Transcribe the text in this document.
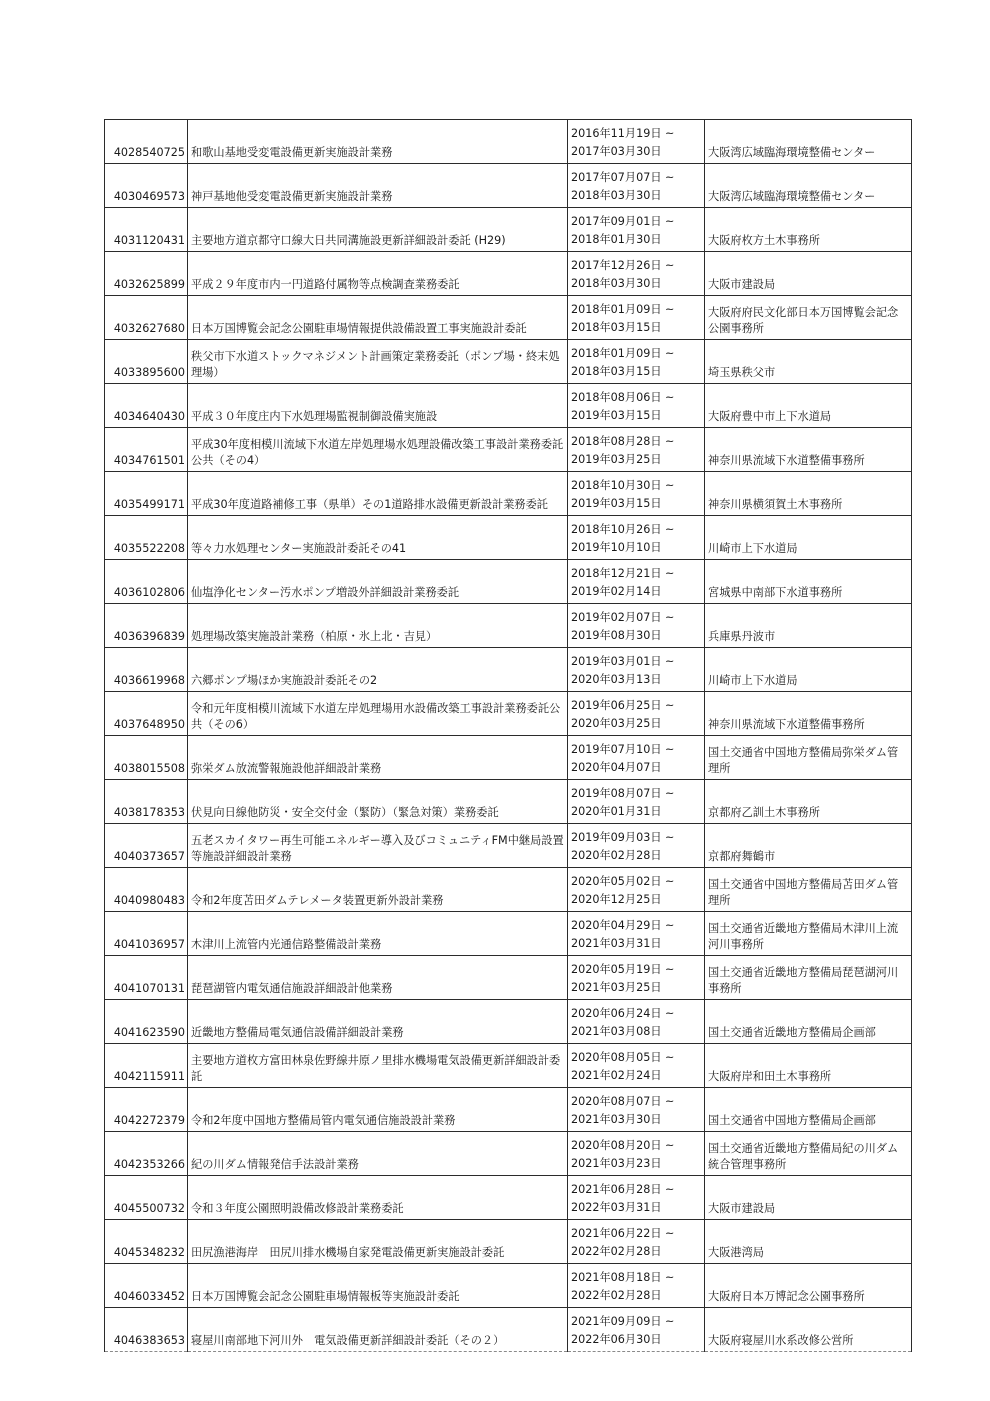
4028540725	和歌山基地受変電設備更新実施設計業務	2016年11月19日 ~
2017年03月30日	大阪湾広域臨海環境整備センター
4030469573	神戸基地他受変電設備更新実施設計業務	2017年07月07日 ~
2018年03月30日	大阪湾広域臨海環境整備センター
4031120431	主要地方道京都守口線大日共同溝施設更新詳細設計委託 (H29)	2017年09月01日 ~
2018年01月30日	大阪府枚方土木事務所
4032625899	平成２９年度市内一円道路付属物等点検調査業務委託	2017年12月26日 ~
2018年03月30日	大阪市建設局
4032627680	日本万国博覧会記念公園駐車場情報提供設備設置工事実施設計委託	2018年01月09日 ~
2018年03月15日	大阪府府民文化部日本万国博覧会記念公園事務所
4033895600	秩父市下水道ストックマネジメント計画策定業務委託（ポンプ場・終末処理場）	2018年01月09日 ~
2018年03月15日	埼玉県秩父市
4034640430	平成３０年度庄内下水処理場監視制御設備実施設	2018年08月06日 ~
2019年03月15日	大阪府豊中市上下水道局
4034761501	平成30年度相模川流域下水道左岸処理場水処理設備改築工事設計業務委託 公共（その4）	2018年08月28日 ~
2019年03月25日	神奈川県流域下水道整備事務所
4035499171	平成30年度道路補修工事（県単）その1道路排水設備更新設計業務委託	2018年10月30日 ~
2019年03月15日	神奈川県横須賀土木事務所
4035522208	等々力水処理センター実施設計委託その41	2018年10月26日 ~
2019年10月10日	川崎市上下水道局
4036102806	仙塩浄化センター汚水ポンプ増設外詳細設計業務委託	2018年12月21日 ~
2019年02月14日	宮城県中南部下水道事務所
4036396839	処理場改築実施設計業務（柏原・氷上北・吉見）	2019年02月07日 ~
2019年08月30日	兵庫県丹波市
4036619968	六郷ポンプ場ほか実施設計委託その2	2019年03月01日 ~
2020年03月13日	川崎市上下水道局
4037648950	令和元年度相模川流域下水道左岸処理場用水設備改築工事設計業務委託公共（その6）	2019年06月25日 ~
2020年03月25日	神奈川県流域下水道整備事務所
4038015508	弥栄ダム放流警報施設他詳細設計業務	2019年07月10日 ~
2020年04月07日	国土交通省中国地方整備局弥栄ダム管理所
4038178353	伏見向日線他防災・安全交付金（緊防）（緊急対策）業務委託	2019年08月07日 ~
2020年01月31日	京都府乙訓土木事務所
4040373657	五老スカイタワー再生可能エネルギー導入及びコミュニティFM中継局設置等施設詳細設計業務	2019年09月03日 ~
2020年02月28日	京都府舞鶴市
4040980483	令和2年度苫田ダムテレメータ装置更新外設計業務	2020年05月02日 ~
2020年12月25日	国土交通省中国地方整備局苫田ダム管理所
4041036957	木津川上流管内光通信路整備設計業務	2020年04月29日 ~
2021年03月31日	国土交通省近畿地方整備局木津川上流河川事務所
4041070131	琵琶湖管内電気通信施設詳細設計他業務	2020年05月19日 ~
2021年03月25日	国土交通省近畿地方整備局琵琶湖河川事務所
4041623590	近畿地方整備局電気通信設備詳細設計業務	2020年06月24日 ~
2021年03月08日	国土交通省近畿地方整備局企画部
4042115911	主要地方道枚方富田林泉佐野線井原ノ里排水機場電気設備更新詳細設計委託	2020年08月05日 ~
2021年02月24日	大阪府岸和田土木事務所
4042272379	令和2年度中国地方整備局管内電気通信施設設計業務	2020年08月07日 ~
2021年03月30日	国土交通省中国地方整備局企画部
4042353266	紀の川ダム情報発信手法設計業務	2020年08月20日 ~
2021年03月23日	国土交通省近畿地方整備局紀の川ダム統合管理事務所
4045500732	令和３年度公園照明設備改修設計業務委託	2021年06月28日 ~
2022年03月31日	大阪市建設局
4045348232	田尻漁港海岸　田尻川排水機場自家発電設備更新実施設計委託	2021年06月22日 ~
2022年02月28日	大阪港湾局
4046033452	日本万国博覧会記念公園駐車場情報板等実施設計委託	2021年08月18日 ~
2022年02月28日	大阪府日本万博記念公園事務所
4046383653	寝屋川南部地下河川外　電気設備更新詳細設計委託（その２）	2021年09月09日 ~
2022年06月30日	大阪府寝屋川水系改修公営所
